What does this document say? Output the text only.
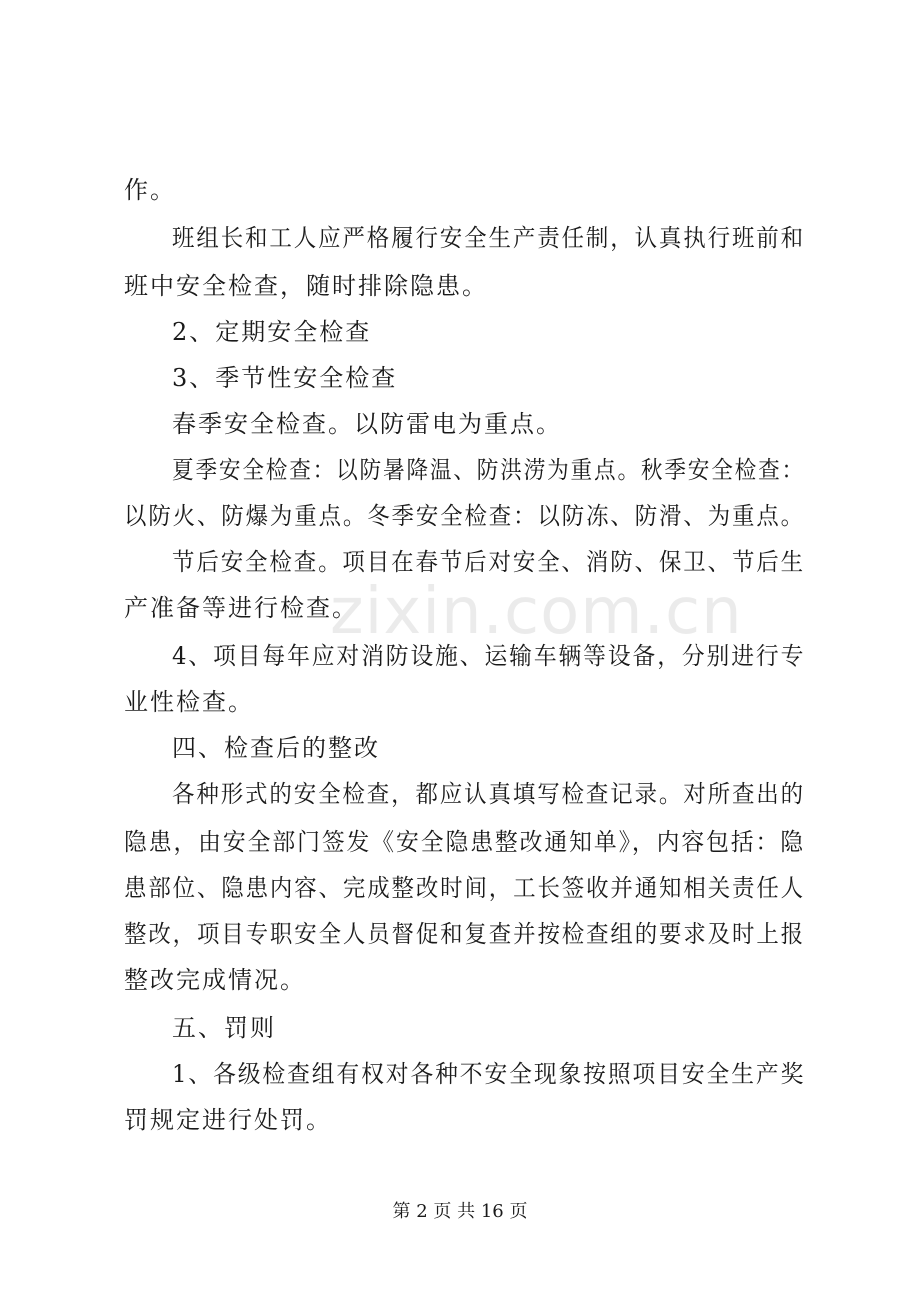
作。
班组长和工人应严格履行安全生产责任制，认真执行班前和
班中安全检查，随时排除隐患。
2、定期安全检查
3、季节性安全检查
春季安全检查。以防雷电为重点。
夏季安全检查：以防暑降温、防洪涝为重点。秋季安全检查：
以防火、防爆为重点。冬季安全检查：以防冻、防滑、为重点。
节后安全检查。项目在春节后对安全、消防、保卫、节后生
产准备等进行检查。
4、项目每年应对消防设施、运输车辆等设备，分别进行专
业性检查。
四、检查后的整改
各种形式的安全检查，都应认真填写检查记录。对所查出的
隐患，由安全部门签发《安全隐患整改通知单》，内容包括：隐
患部位、隐患内容、完成整改时间，工长签收并通知相关责任人
整改，项目专职安全人员督促和复查并按检查组的要求及时上报
整改完成情况。
五、罚则
1、各级检查组有权对各种不安全现象按照项目安全生产奖
罚规定进行处罚。
zixin.com.cn
第 2 页 共 16 页
